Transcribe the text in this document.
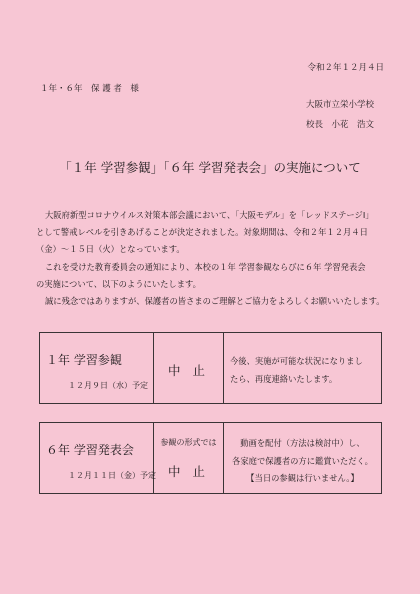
令和２年１２月４日
１年・６年　保 護 者　様
大阪市立栄小学校
校長　小花　浩文
「１年 学習参観」「６年 学習発表会」の実施について

大阪府新型コロナウイルス対策本部会議において、「大阪モデル」を「レッドステージⅠ」

として警戒レベルを引きあげることが決定されました。対象期間は、令和２年１２月４日

（金）～１５日（火）となっています。

これを受けた教育委員会の通知により、本校の１年 学習参観ならびに６年 学習発表会

の実施について、以下のようにいたします。

誠に残念ではありますが、保護者の皆さまのご理解とご協力をよろしくお願いいたします。

１年 学習参観
１２月９日（水）予定
中 止
今後、実施が可能な状況になりまし
たら、再度連絡いたします。
６年 学習発表会
１２月１１日（金）予定
参観の形式では
中 止
動画を配付（方法は検討中）し、
各家庭で保護者の方に鑑賞いただく。
【当日の参観は行いません。】
